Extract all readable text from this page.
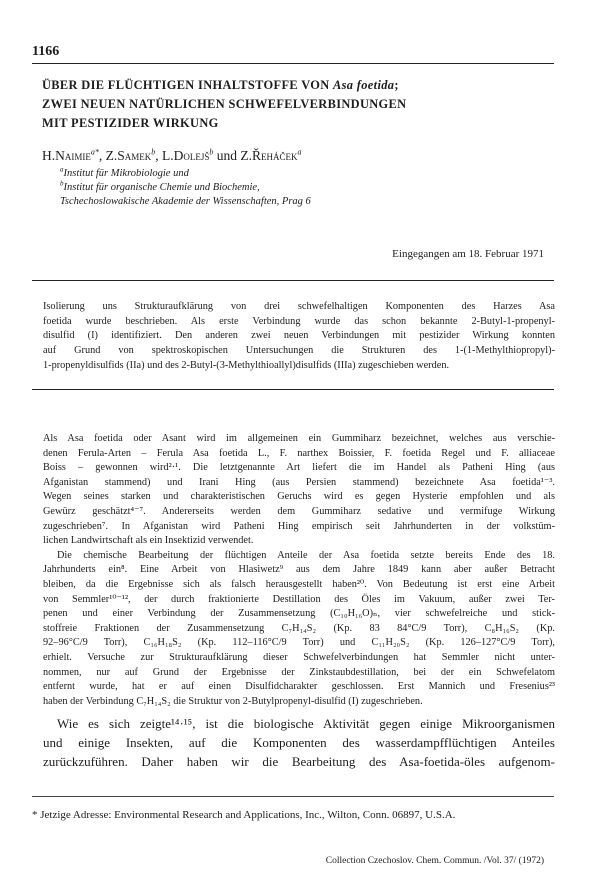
1166
ÜBER DIE FLÜCHTIGEN INHALTSTOFFE VON Asa foetida;
ZWEI NEUEN NATÜRLICHEN SCHWEFELVERBINDUNGEN
MIT PESTIZIDER WIRKUNG
H.Naimie$^{a*}$, Z.Samek$^b$, L.Dolejš$^b$ und Z.Řeháček$^a$
$^a$Institut für Mikrobiologie und
$^b$Institut für organische Chemie und Biochemie,
Tschechoslowakische Akademie der Wissenschaften, Prag 6
Eingegangen am 18. Februar 1971
Isolierung uns Strukturaufklärung von drei schwefelhaltigen Komponenten des Harzes Asa
foetida wurde beschrieben. Als erste Verbindung wurde das schon bekannte 2-Butyl-1-propenyl-
disulfid (I) identifiziert. Den anderen zwei neuen Verbindungen mit pestizider Wirkung konnten
auf Grund von spektroskopischen Untersuchungen die Strukturen des 1-(1-Methylthiopropyl)-
1-propenyldisulfids (IIa) und des 2-Butyl-(3-Methylthioallyl)disulfids (IIIa) zugeschieben werden.
Als Asa foetida oder Asant wird im allgemeinen ein Gummiharz bezeichnet, welches aus verschie-
denen Ferula-Arten – Ferula Asa foetida L., F. narthex Boissier, F. foetida Regel und F. alliaceae
Boiss – gewonnen wird²·¹. Die letztgenannte Art liefert die im Handel als Patheni Hing (aus
Afganistan stammend) und Irani Hing (aus Persien stammend) bezeichnete Asa foetida¹⁻³.
Wegen seines starken und charakteristischen Geruchs wird es gegen Hysterie empfohlen und als
Gewürz geschätzt⁴⁻⁷. Andererseits werden dem Gummiharz sedative und vermifuge Wirkung
zugeschrieben⁷. In Afganistan wird Patheni Hing empirisch seit Jahrhunderten in der volkstüm-
lichen Landwirtschaft als ein Insektizid verwendet.
Die chemische Bearbeitung der flüchtigen Anteile der Asa foetida setzte bereits Ende des 18.
Jahrhunderts ein⁸. Eine Arbeit von Hlasiwetz⁹ aus dem Jahre 1849 kann aber außer Betracht
bleiben, da die Ergebnisse sich als falsch herausgestellt haben²⁰. Von Bedeutung ist erst eine Arbeit
von Semmler¹⁰⁻¹², der durch fraktionierte Destillation des Öles im Vakuum, außer zwei Ter-
penen und einer Verbindung der Zusammensetzung (C₁₀H₁₆O)ₙ, vier schwefelreiche und stick-
stoffreie Fraktionen der Zusammensetzung C₇H₁₄S₂ (Kp. 83 84°C/9 Torr), C₈H₁₆S₂ (Kp.
92–96°C/9 Torr), C₁₆H₁₈S₂ (Kp. 112–116°C/9 Torr) und C₁₁H₂₀S₂ (Kp. 126–127°C/9 Torr),
erhielt. Versuche zur Strukturaufklärung dieser Schwefelverbindungen hat Semmler nicht unter-
nommen, nur auf Grund der Ergebnisse der Zinkstaubdestillation, bei der ein Schwefelatom
entfernt wurde, hat er auf einen Disulfidcharakter geschlossen. Erst Mannich und Fresenius²³
haben der Verbindung C₇H₁₄S₂ die Struktur von 2-Butylpropenyl-disulfid (I) zugeschrieben.
Wie es sich zeigte¹⁴·¹⁵, ist die biologische Aktivität gegen einige Mikroorganismen
und einige Insekten, auf die Komponenten des wasserdampfflüchtigen Anteiles
zurückzuführen. Daher haben wir die Bearbeitung des Asa-foetida-öles aufgenom-
* Jetzige Adresse: Environmental Research and Applications, Inc., Wilton, Conn. 06897, U.S.A.
Collection Czechoslov. Chem. Commun. /Vol. 37/ (1972)
